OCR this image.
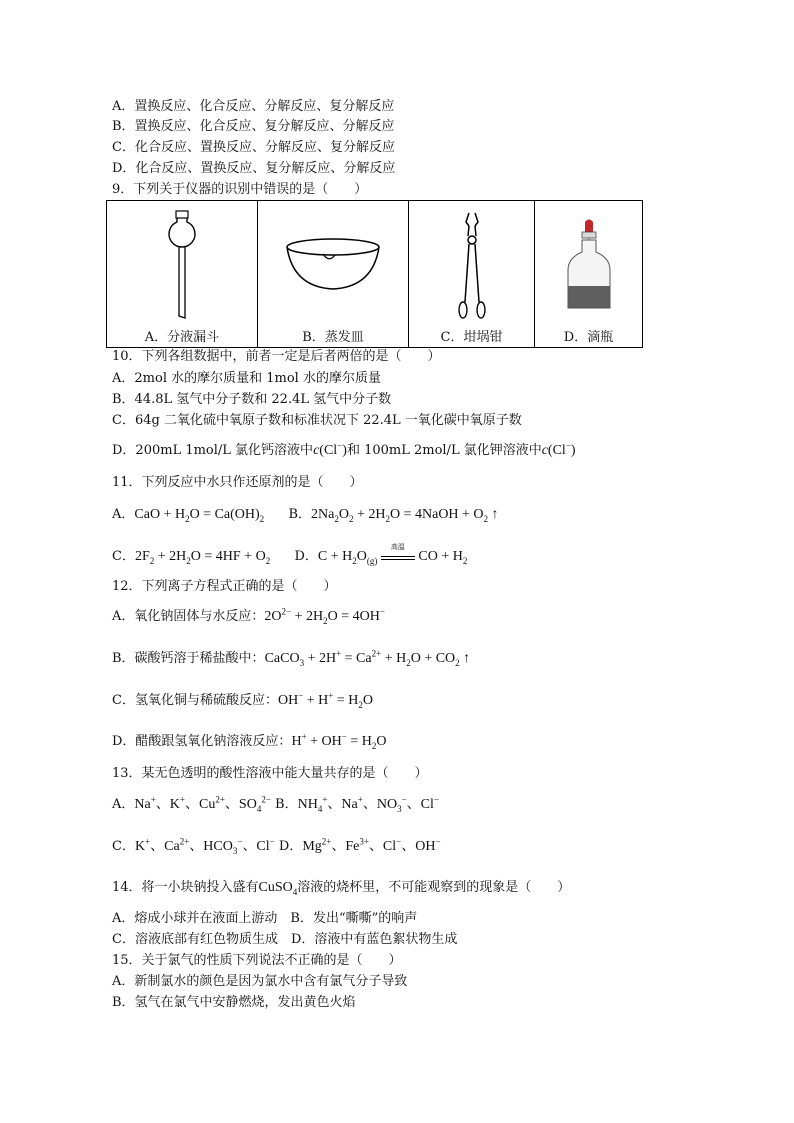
A．置换反应、化合反应、分解反应、复分解反应
B．置换反应、化合反应、复分解反应、分解反应
C．化合反应、置换反应、分解反应、复分解反应
D．化合反应、置换反应、复分解反应、分解反应
9．下列关于仪器的识别中错误的是（　　）
A．分液漏斗	B．蒸发皿	C．坩埚钳	D．滴瓶
10．下列各组数据中，前者一定是后者两倍的是（　　）
A．2mol 水的摩尔质量和 1mol 水的摩尔质量
B．44.8L 氢气中分子数和 22.4L 氢气中分子数
C．64g 二氧化硫中氧原子数和标准状况下 22.4L 一氧化碳中氧原子数
D．200mL 1mol/L 氯化钙溶液中c(Cl−)和 100mL 2mol/L 氯化钾溶液中c(Cl−)
11．下列反应中水只作还原剂的是（　　）
A．CaO + $H_2O = Ca(OH)_2$ B．$2Na_2O_2 + 2H_2O$ = 4NaOH + $O_2$ ↑
C．$2F_2 + 2H_2O = 4HF + O_2$ D．$C + H_2O_{(g)}$
高温
CO + $H_2$
12．下列离子方程式正确的是（　　）
A．氧化钠固体与水反应：$2O^{2-} + 2H_2O = 4OH^-$
B．碳酸钙溶于稀盐酸中：CaCO$_3$ + $2H^+ = Ca^{2+} + H_2O + CO_2$ ↑
C．氢氧化铜与稀硫酸反应：$OH^- + H^+ = H_2O$
D．醋酸跟氢氧化钠溶液反应：$H^+ + OH^- = H_2O$
13．某无色透明的酸性溶液中能大量共存的是（　　）
A．Na+、K+、$Cu^{2+}$、$SO_4^{2-}$ B．$NH_4^+$、Na+、$NO_3^-$、Cl−
C．K+、$Ca^{2+}$、$HCO_3^-$、Cl− D．$Mg^{2+}$、$Fe^{3+}$、Cl−、OH−
14．将一小块钠投入盛有CuSO$_4$溶液的烧杯里，不可能观察到的现象是（　　）
A．熔成小球并在液面上游动　B．发出“嘶嘶”的响声
C．溶液底部有红色物质生成　D．溶液中有蓝色絮状物生成
15．关于氯气的性质下列说法不正确的是（　　）
A．新制氯水的颜色是因为氯水中含有氯气分子导致
B．氢气在氯气中安静燃烧，发出黄色火焰
